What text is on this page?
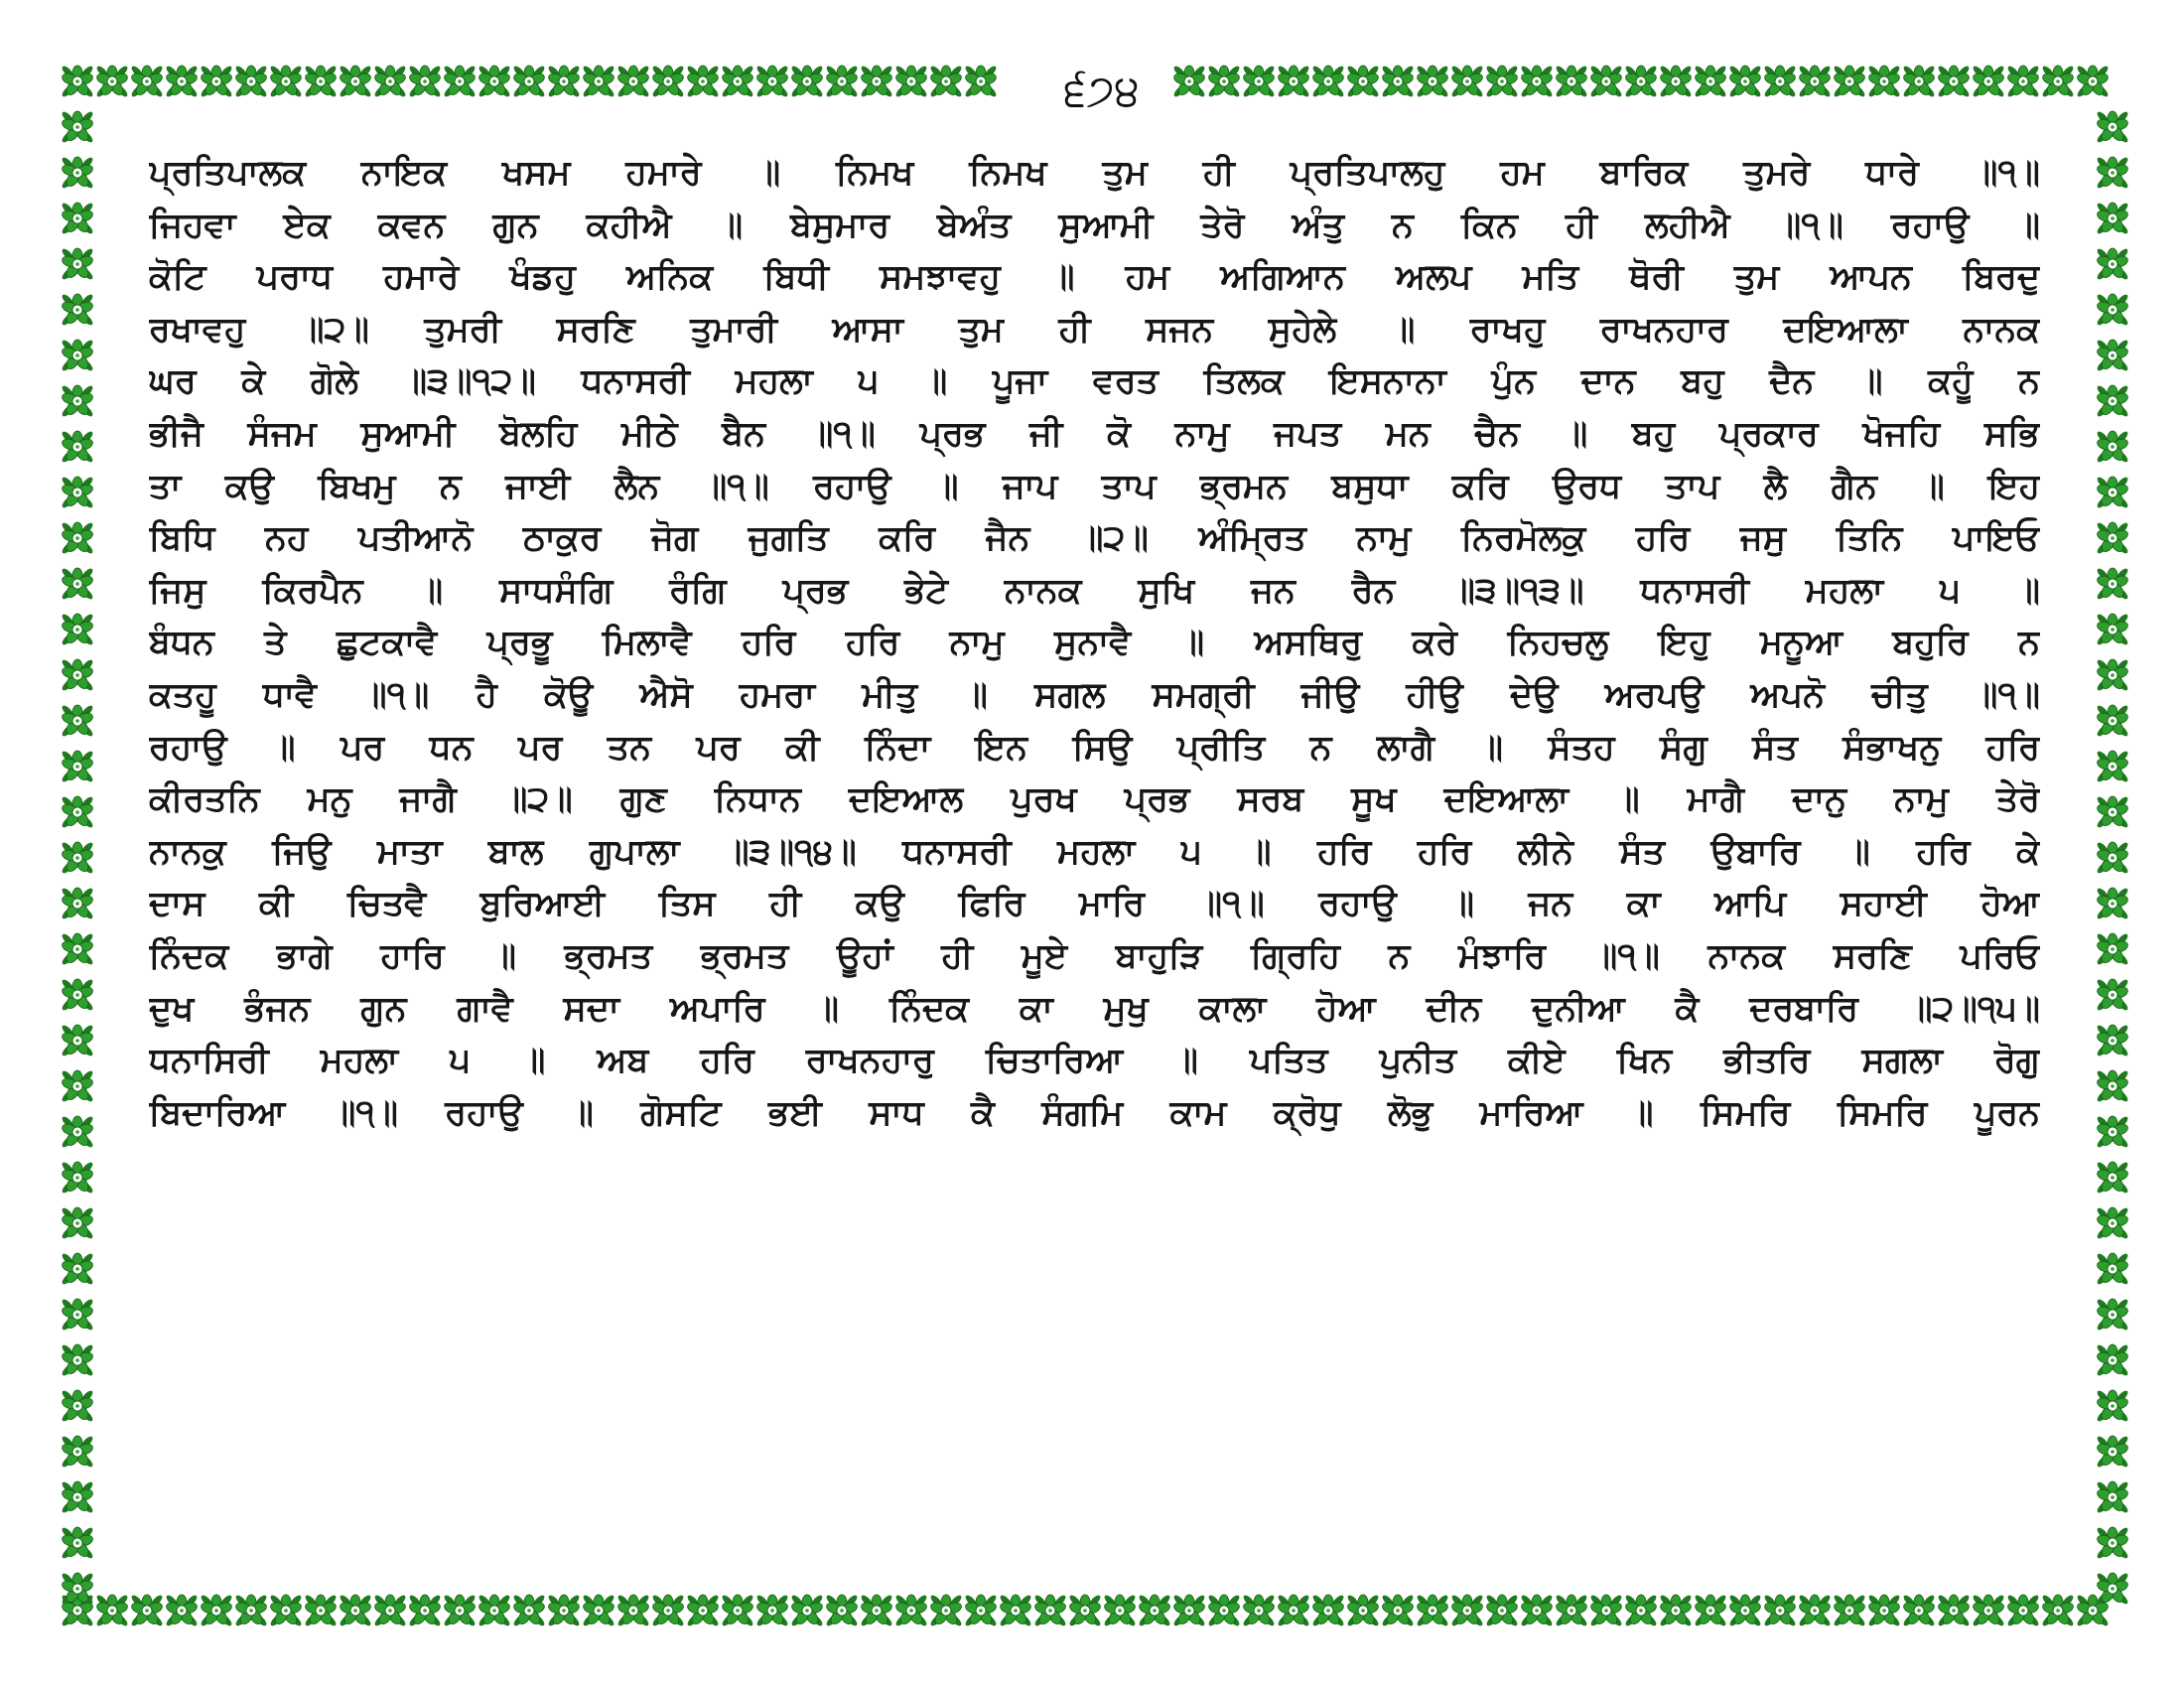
੬੭੪
ਪ੍ਰਤਿਪਾਲਕ ਨਾਇਕ ਖਸਮ ਹਮਾਰੇ ॥ ਨਿਮਖ ਨਿਮਖ ਤੁਮ ਹੀ ਪ੍ਰਤਿਪਾਲਹੁ ਹਮ ਬਾਰਿਕ ਤੁਮਰੇ ਧਾਰੇ ॥੧॥
ਜਿਹਵਾ ਏਕ ਕਵਨ ਗੁਨ ਕਹੀਐ ॥ ਬੇਸੁਮਾਰ ਬੇਅੰਤ ਸੁਆਮੀ ਤੇਰੋ ਅੰਤੁ ਨ ਕਿਨ ਹੀ ਲਹੀਐ ॥੧॥ ਰਹਾਉ ॥
ਕੋਟਿ ਪਰਾਧ ਹਮਾਰੇ ਖੰਡਹੁ ਅਨਿਕ ਬਿਧੀ ਸਮਝਾਵਹੁ ॥ ਹਮ ਅਗਿਆਨ ਅਲਪ ਮਤਿ ਥੋਰੀ ਤੁਮ ਆਪਨ ਬਿਰਦੁ
ਰਖਾਵਹੁ ॥੨॥ ਤੁਮਰੀ ਸਰਣਿ ਤੁਮਾਰੀ ਆਸਾ ਤੁਮ ਹੀ ਸਜਨ ਸੁਹੇਲੇ ॥ ਰਾਖਹੁ ਰਾਖਨਹਾਰ ਦਇਆਲਾ ਨਾਨਕ
ਘਰ ਕੇ ਗੋਲੇ ॥੩॥੧੨॥ ਧਨਾਸਰੀ ਮਹਲਾ ੫ ॥ ਪੂਜਾ ਵਰਤ ਤਿਲਕ ਇਸਨਾਨਾ ਪੁੰਨ ਦਾਨ ਬਹੁ ਦੈਨ ॥ ਕਹੂੰ ਨ
ਭੀਜੈ ਸੰਜਮ ਸੁਆਮੀ ਬੋਲਹਿ ਮੀਠੇ ਬੈਨ ॥੧॥ ਪ੍ਰਭ ਜੀ ਕੋ ਨਾਮੁ ਜਪਤ ਮਨ ਚੈਨ ॥ ਬਹੁ ਪ੍ਰਕਾਰ ਖੋਜਹਿ ਸਭਿ
ਤਾ ਕਉ ਬਿਖਮੁ ਨ ਜਾਈ ਲੈਨ ॥੧॥ ਰਹਾਉ ॥ ਜਾਪ ਤਾਪ ਭ੍ਰਮਨ ਬਸੁਧਾ ਕਰਿ ਉਰਧ ਤਾਪ ਲੈ ਗੈਨ ॥ ਇਹ
ਬਿਧਿ ਨਹ ਪਤੀਆਨੋ ਠਾਕੁਰ ਜੋਗ ਜੁਗਤਿ ਕਰਿ ਜੈਨ ॥੨॥ ਅੰਮ੍ਰਿਤ ਨਾਮੁ ਨਿਰਮੋਲਕੁ ਹਰਿ ਜਸੁ ਤਿਨਿ ਪਾਇਓ
ਜਿਸੁ ਕਿਰਪੈਨ ॥ ਸਾਧਸੰਗਿ ਰੰਗਿ ਪ੍ਰਭ ਭੇਟੇ ਨਾਨਕ ਸੁਖਿ ਜਨ ਰੈਨ ॥੩॥੧੩॥ ਧਨਾਸਰੀ ਮਹਲਾ ੫ ॥
ਬੰਧਨ ਤੇ ਛੁਟਕਾਵੈ ਪ੍ਰਭੂ ਮਿਲਾਵੈ ਹਰਿ ਹਰਿ ਨਾਮੁ ਸੁਨਾਵੈ ॥ ਅਸਥਿਰੁ ਕਰੇ ਨਿਹਚਲੁ ਇਹੁ ਮਨੂਆ ਬਹੁਰਿ ਨ
ਕਤਹੂ ਧਾਵੈ ॥੧॥ ਹੈ ਕੋਊ ਐਸੋ ਹਮਰਾ ਮੀਤੁ ॥ ਸਗਲ ਸਮਗ੍ਰੀ ਜੀਉ ਹੀਉ ਦੇਉ ਅਰਪਉ ਅਪਨੋ ਚੀਤੁ ॥੧॥
ਰਹਾਉ ॥ ਪਰ ਧਨ ਪਰ ਤਨ ਪਰ ਕੀ ਨਿੰਦਾ ਇਨ ਸਿਉ ਪ੍ਰੀਤਿ ਨ ਲਾਗੈ ॥ ਸੰਤਹ ਸੰਗੁ ਸੰਤ ਸੰਭਾਖਨੁ ਹਰਿ
ਕੀਰਤਨਿ ਮਨੁ ਜਾਗੈ ॥੨॥ ਗੁਣ ਨਿਧਾਨ ਦਇਆਲ ਪੁਰਖ ਪ੍ਰਭ ਸਰਬ ਸੂਖ ਦਇਆਲਾ ॥ ਮਾਗੈ ਦਾਨੁ ਨਾਮੁ ਤੇਰੋ
ਨਾਨਕੁ ਜਿਉ ਮਾਤਾ ਬਾਲ ਗੁਪਾਲਾ ॥੩॥੧੪॥ ਧਨਾਸਰੀ ਮਹਲਾ ੫ ॥ ਹਰਿ ਹਰਿ ਲੀਨੇ ਸੰਤ ਉਬਾਰਿ ॥ ਹਰਿ ਕੇ
ਦਾਸ ਕੀ ਚਿਤਵੈ ਬੁਰਿਆਈ ਤਿਸ ਹੀ ਕਉ ਫਿਰਿ ਮਾਰਿ ॥੧॥ ਰਹਾਉ ॥ ਜਨ ਕਾ ਆਪਿ ਸਹਾਈ ਹੋਆ
ਨਿੰਦਕ ਭਾਗੇ ਹਾਰਿ ॥ ਭ੍ਰਮਤ ਭ੍ਰਮਤ ਊਹਾਂ ਹੀ ਮੂਏ ਬਾਹੁੜਿ ਗ੍ਰਿਹਿ ਨ ਮੰਝਾਰਿ ॥੧॥ ਨਾਨਕ ਸਰਣਿ ਪਰਿਓ
ਦੁਖ ਭੰਜਨ ਗੁਨ ਗਾਵੈ ਸਦਾ ਅਪਾਰਿ ॥ ਨਿੰਦਕ ਕਾ ਮੁਖੁ ਕਾਲਾ ਹੋਆ ਦੀਨ ਦੁਨੀਆ ਕੈ ਦਰਬਾਰਿ ॥੨॥੧੫॥
ਧਨਾਸਿਰੀ ਮਹਲਾ ੫ ॥ ਅਬ ਹਰਿ ਰਾਖਨਹਾਰੁ ਚਿਤਾਰਿਆ ॥ ਪਤਿਤ ਪੁਨੀਤ ਕੀਏ ਖਿਨ ਭੀਤਰਿ ਸਗਲਾ ਰੋਗੁ
ਬਿਦਾਰਿਆ ॥੧॥ ਰਹਾਉ ॥ ਗੋਸਟਿ ਭਈ ਸਾਧ ਕੈ ਸੰਗਮਿ ਕਾਮ ਕ੍ਰੋਧੁ ਲੋਭੁ ਮਾਰਿਆ ॥ ਸਿਮਰਿ ਸਿਮਰਿ ਪੂਰਨ
